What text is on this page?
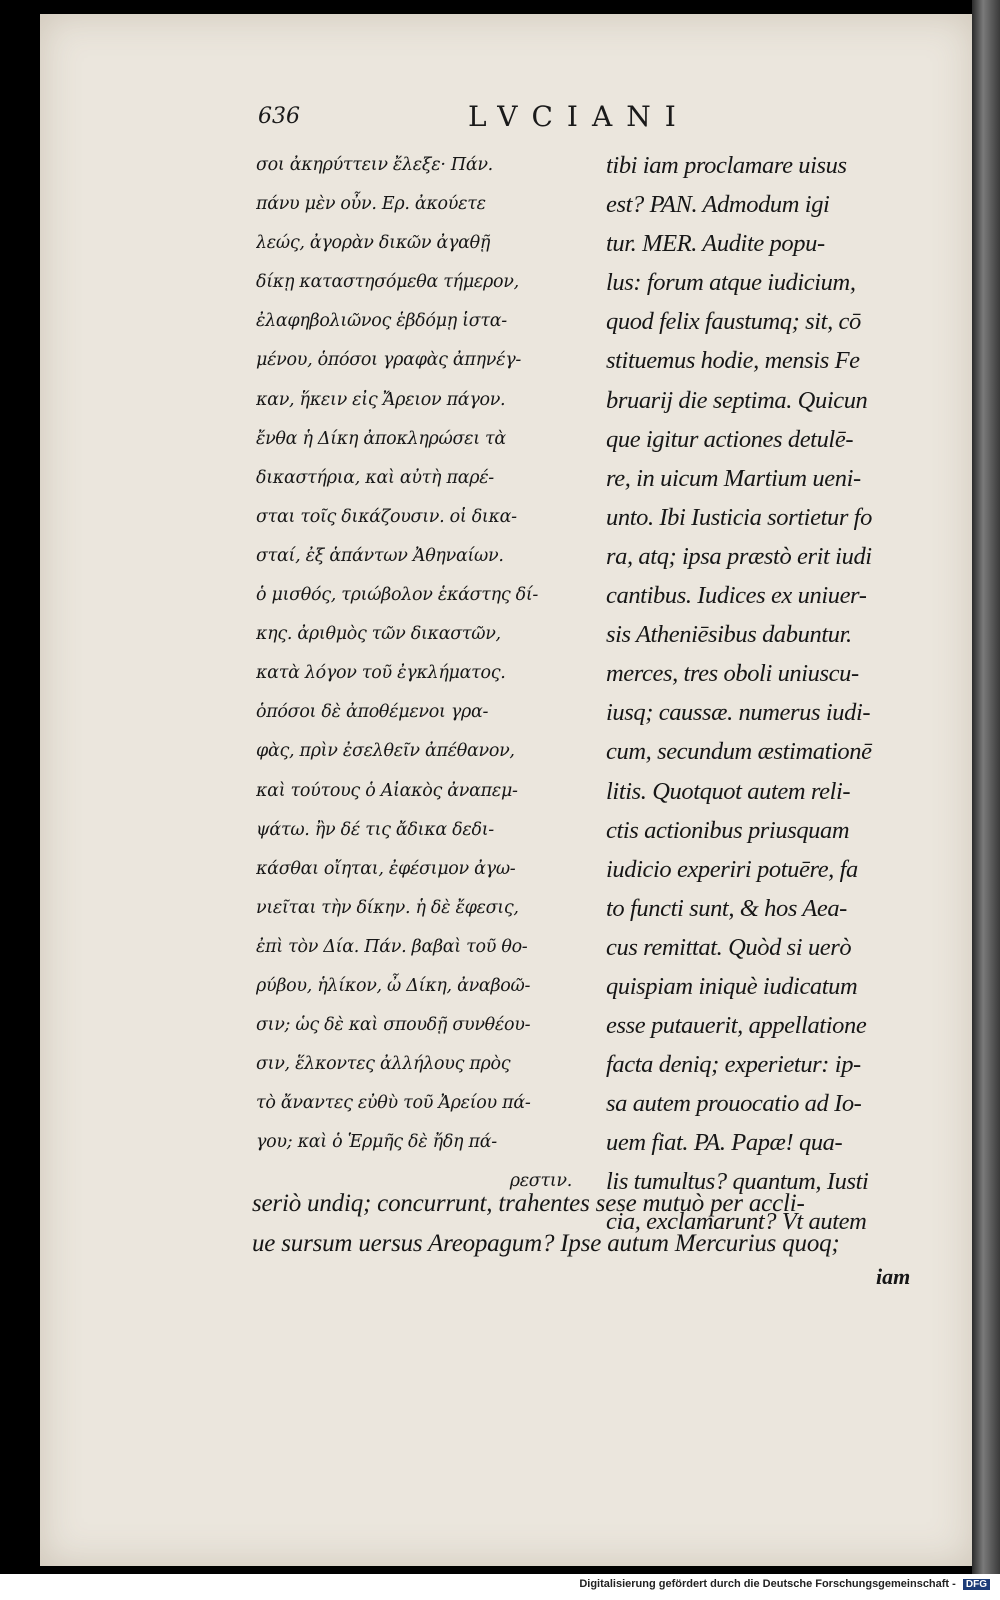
636	LVCIANI
σοι ἀκηρύττειν ἔλεξε· Πάν.
πάνυ μὲν οὖν. Ερ. ἀκούετε
λεώς, ἀγορὰν δικῶν ἀγαθῇ
δίκῃ καταστησόμεθα τήμερον,
ἐλαφηβολιῶνος ἑβδόμῃ ἱστα-
μένου, ὁπόσοι γραφὰς ἀπηνέγ-
καν, ἥκειν εἰς Ἄρειον πάγον.
ἔνθα ἡ Δίκη ἀποκληρώσει τὰ
δικαστήρια, καὶ αὐτὴ παρέ-
σται τοῖς δικάζουσιν. οἱ δικα-
σταί, ἐξ ἁπάντων Ἀθηναίων.
ὁ μισθός, τριώβολον ἑκάστης δί-
κης. ἀριθμὸς τῶν δικαστῶν,
κατὰ λόγον τοῦ ἐγκλήματος.
ὁπόσοι δὲ ἀποθέμενοι γρα-
φὰς, πρὶν ἐσελθεῖν ἀπέθανον,
καὶ τούτους ὁ Αἰακὸς ἀναπεμ-
ψάτω. ἢν δέ τις ἄδικα δεδι-
κάσθαι οἴηται, ἐφέσιμον ἀγω-
νιεῖται τὴν δίκην. ἡ δὲ ἔφεσις,
ἐπὶ τὸν Δία. Πάν. βαβαὶ τοῦ θο-
ρύβου, ἡλίκον, ὦ Δίκη, ἀναβοῶ-
σιν; ὡς δὲ καὶ σπουδῇ συνθέου-
σιν, ἕλκοντες ἀλλήλους πρὸς
τὸ ἄναντες εὐθὺ τοῦ Ἀρείου πά-
γου; καὶ ὁ Ἑρμῆς δὲ ἤδη πά-
ρεστιν.
tibi iam proclamare uisus
est? PAN. Admodum igi
tur. MER. Audite popu-
lus: forum atque iudicium,
quod felix faustumq; sit, cō
stituemus hodie, mensis Fe
bruarij die septima. Quicun
que igitur actiones detulē-
re, in uicum Martium ueni-
unto. Ibi Iusticia sortietur fo
ra, atq; ipsa præstò erit iudi
cantibus. Iudices ex uniuer-
sis Atheniēsibus dabuntur.
merces, tres oboli uniuscu-
iusq; caussæ. numerus iudi-
cum, secundum æstimationē
litis. Quotquot autem reli-
ctis actionibus priusquam
iudicio experiri potuēre, fa
to functi sunt, & hos Aea-
cus remittat. Quòd si uerò
quispiam iniquè iudicatum
esse putauerit, appellatione
facta deniq; experietur: ip-
sa autem prouocatio ad Io-
uem fiat. PA. Papæ! qua-
lis tumultus? quantum, Iusti
cia, exclamarunt? Vt autem
seriò undiq; concurrunt, trahentes sese mutuò per accli-
ue sursum uersus Areopagum? Ipse autum Mercurius quoq;
iam
Digitalisierung gefördert durch die Deutsche Forschungsgemeinschaft - DFG
